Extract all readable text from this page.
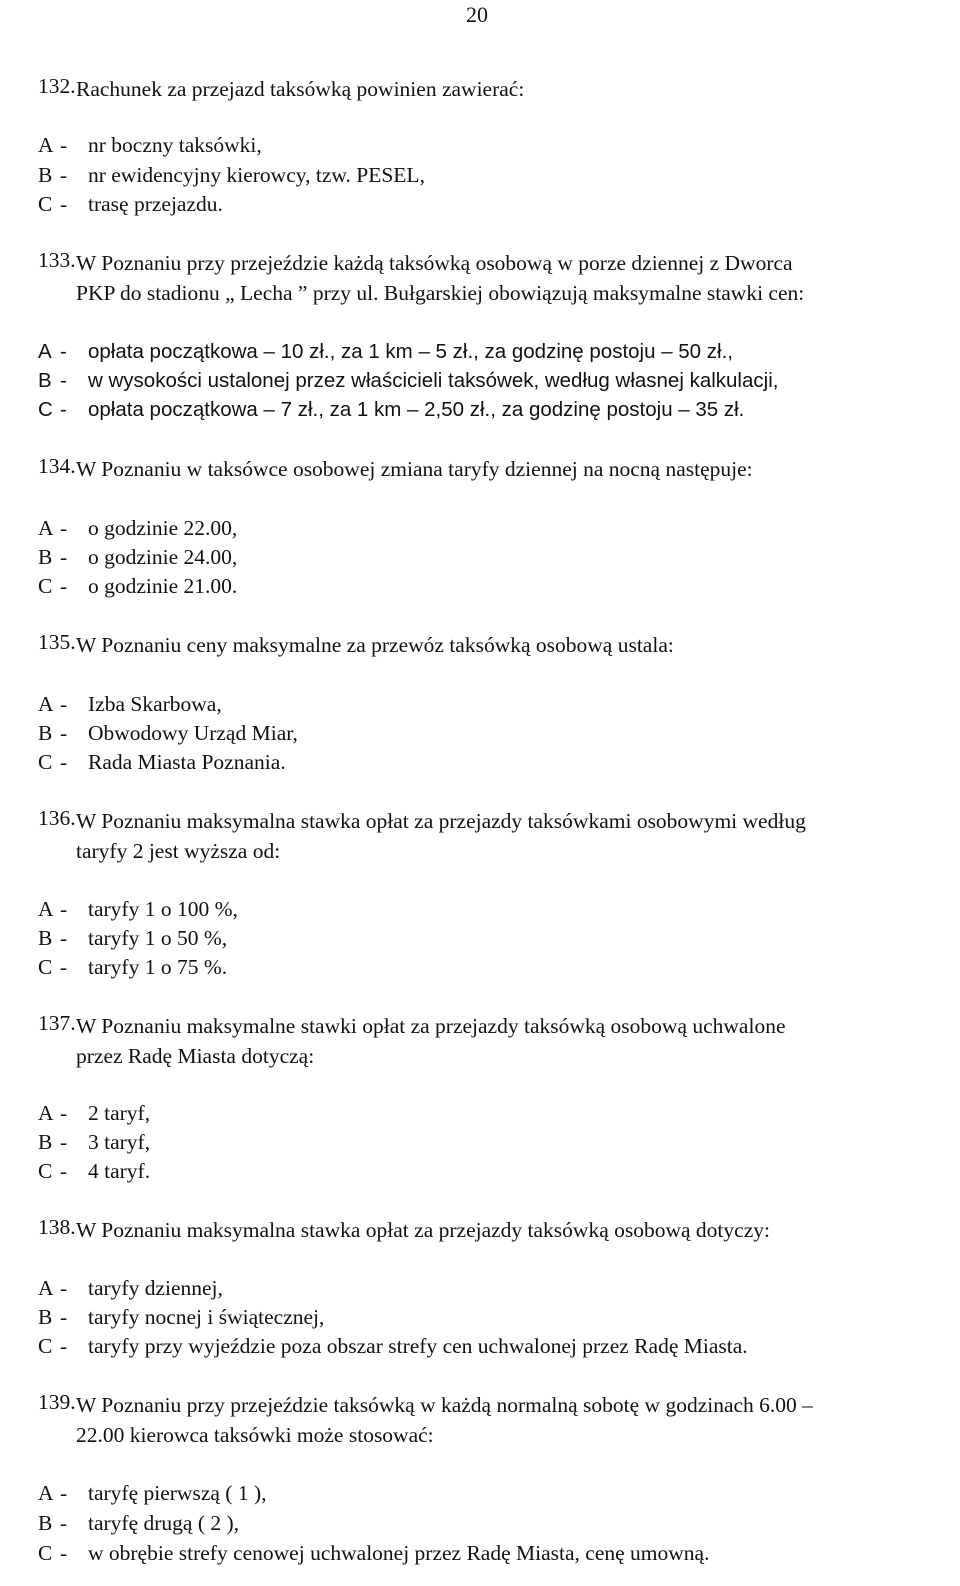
20
132. Rachunek za przejazd taksówką powinien zawierać:
A - nr boczny taksówki,
B - nr ewidencyjny kierowcy, tzw. PESEL,
C - trasę przejazdu.
133. W Poznaniu przy przejeździe każdą taksówką osobową w porze dziennej z Dworca
PKP do stadionu „ Lecha ” przy ul. Bułgarskiej obowiązują maksymalne stawki cen:
A - opłata początkowa – 10 zł., za 1 km – 5 zł., za godzinę postoju – 50 zł.,
B - w wysokości ustalonej przez właścicieli taksówek, według własnej kalkulacji,
C - opłata początkowa – 7 zł., za 1 km – 2,50 zł., za godzinę postoju – 35 zł.
134. W Poznaniu w taksówce osobowej zmiana taryfy dziennej na nocną następuje:
A - o godzinie 22.00,
B - o godzinie 24.00,
C - o godzinie 21.00.
135. W Poznaniu ceny maksymalne za przewóz taksówką osobową ustala:
A - Izba Skarbowa,
B - Obwodowy Urząd Miar,
C - Rada Miasta Poznania.
136. W Poznaniu maksymalna stawka opłat za przejazdy taksówkami osobowymi według
taryfy 2 jest wyższa od:
A - taryfy 1 o 100 %,
B - taryfy 1 o 50 %,
C - taryfy 1 o 75 %.
137. W Poznaniu maksymalne stawki opłat za przejazdy taksówką osobową uchwalone
przez Radę Miasta dotyczą:
A - 2 taryf,
B - 3 taryf,
C - 4 taryf.
138. W Poznaniu maksymalna stawka opłat za przejazdy taksówką osobową dotyczy:
A - taryfy dziennej,
B - taryfy nocnej i świątecznej,
C - taryfy przy wyjeździe poza obszar strefy cen uchwalonej przez Radę Miasta.
139. W Poznaniu przy przejeździe taksówką w każdą normalną sobotę w godzinach 6.00 –
22.00 kierowca taksówki może stosować:
A - taryfę pierwszą ( 1 ),
B - taryfę drugą ( 2 ),
C - w obrębie strefy cenowej uchwalonej przez Radę Miasta, cenę umowną.
